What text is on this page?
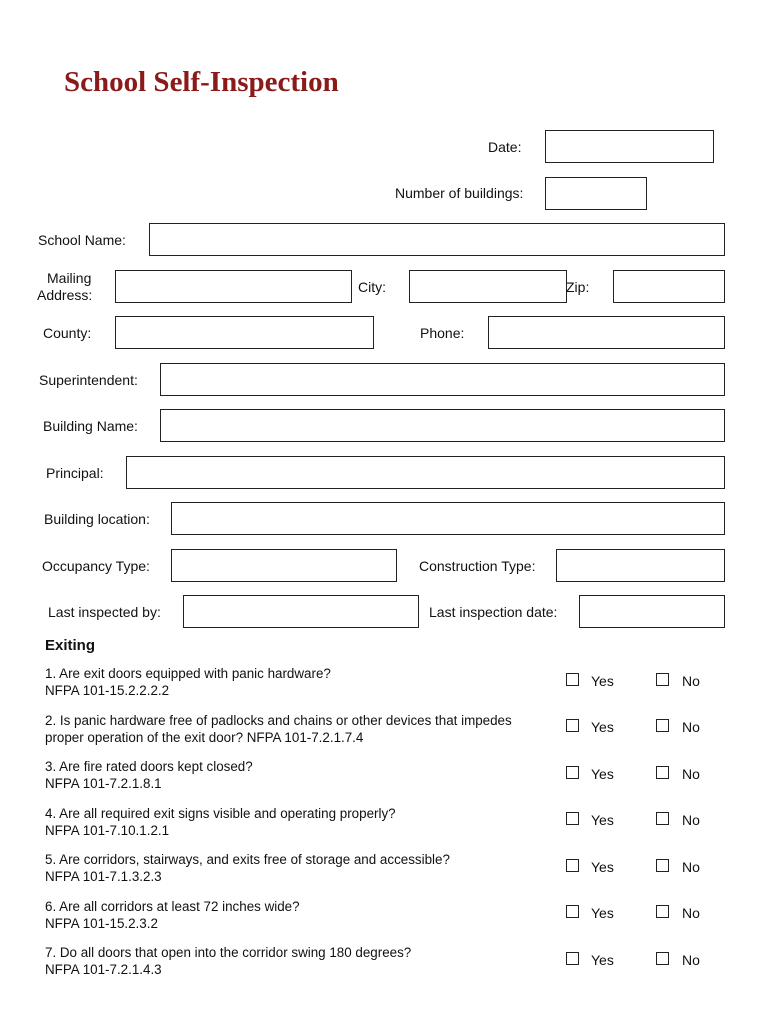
School Self-Inspection
Date:
Number of buildings:
School Name:
Mailing
Address:	City:	Zip:
County:	Phone:
Superintendent:
Building Name:
Principal:
Building location:
Occupancy Type:	Construction Type:
Last inspected by:	Last inspection date:
Exiting
1. Are exit doors equipped with panic hardware?
NFPA 101-15.2.2.2.2
Yes	No
2. Is panic hardware free of padlocks and chains or other devices that impedes
proper operation of the exit door? NFPA 101-7.2.1.7.4
Yes	No
3. Are fire rated doors kept closed?
NFPA 101-7.2.1.8.1
Yes	No
4. Are all required exit signs visible and operating properly?
NFPA 101-7.10.1.2.1
Yes	No
5. Are corridors, stairways, and exits free of storage and accessible?
NFPA 101-7.1.3.2.3
Yes	No
6. Are all corridors at least 72 inches wide?
NFPA 101-15.2.3.2
Yes	No
7. Do all doors that open into the corridor swing 180 degrees?
NFPA 101-7.2.1.4.3
Yes	No
